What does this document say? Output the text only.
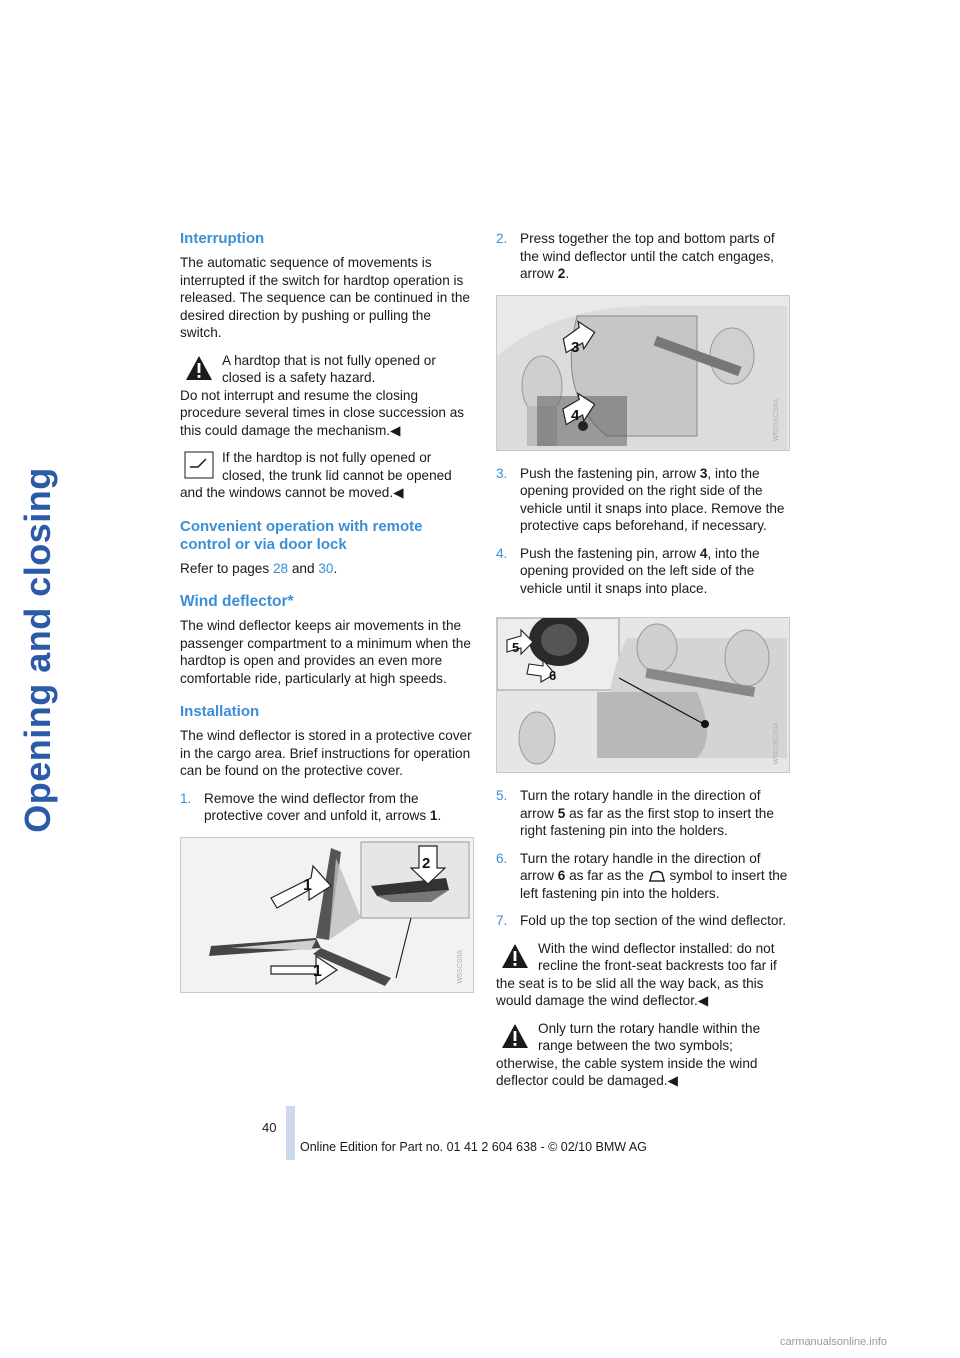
Opening and closing
Interruption

The automatic sequence of movements is interrupted if the switch for hardtop operation is released. The sequence can be continued in the desired direction by pushing or pulling the switch.

A hardtop that is not fully opened or closed is a safety hazard.
Do not interrupt and resume the closing procedure several times in close succession as this could damage the mechanism.◀
If the hardtop is not fully opened or closed, the trunk lid cannot be opened and the windows cannot be moved.◀
Convenient operation with remote control or via door lock

Refer to pages 28 and 30.

Wind deflector*

The wind deflector keeps air movements in the passenger compartment to a minimum when the hardtop is open and provides an even more comfortable ride, particularly at high speeds.

Installation

The wind deflector is stored in a protective cover in the cargo area. Brief instructions for operation can be found on the protective cover.

1. Remove the wind deflector from the protective cover and unfold it, arrows 1.
1
1
2
W5SCS0A
2. Press together the top and bottom parts of the wind deflector until the catch engages, arrow 2.
3
4	W5D1SCS0A
3. Push the fastening pin, arrow 3, into the opening provided on the right side of the vehicle until it snaps into place. Remove the protective caps beforehand, if necessary.
4. Push the fastening pin, arrow 4, into the opening provided on the left side of the vehicle until it snaps into place.
5
6
W5D1SCS0A
5. Turn the rotary handle in the direction of arrow 5 as far as the first stop to insert the right fastening pin into the holders.
6. Turn the rotary handle in the direction of arrow 6 as far as the  symbol to insert the left fastening pin into the holders.
7. Fold up the top section of the wind deflector.
With the wind deflector installed: do not recline the front-seat backrests too far if the seat is to be slid all the way back, as this would damage the wind deflector.◀
Only turn the rotary handle within the range between the two symbols; otherwise, the cable system inside the wind deflector could be damaged.◀
40
Online Edition for Part no. 01 41 2 604 638 - © 02/10 BMW AG
carmanualsonline.info
